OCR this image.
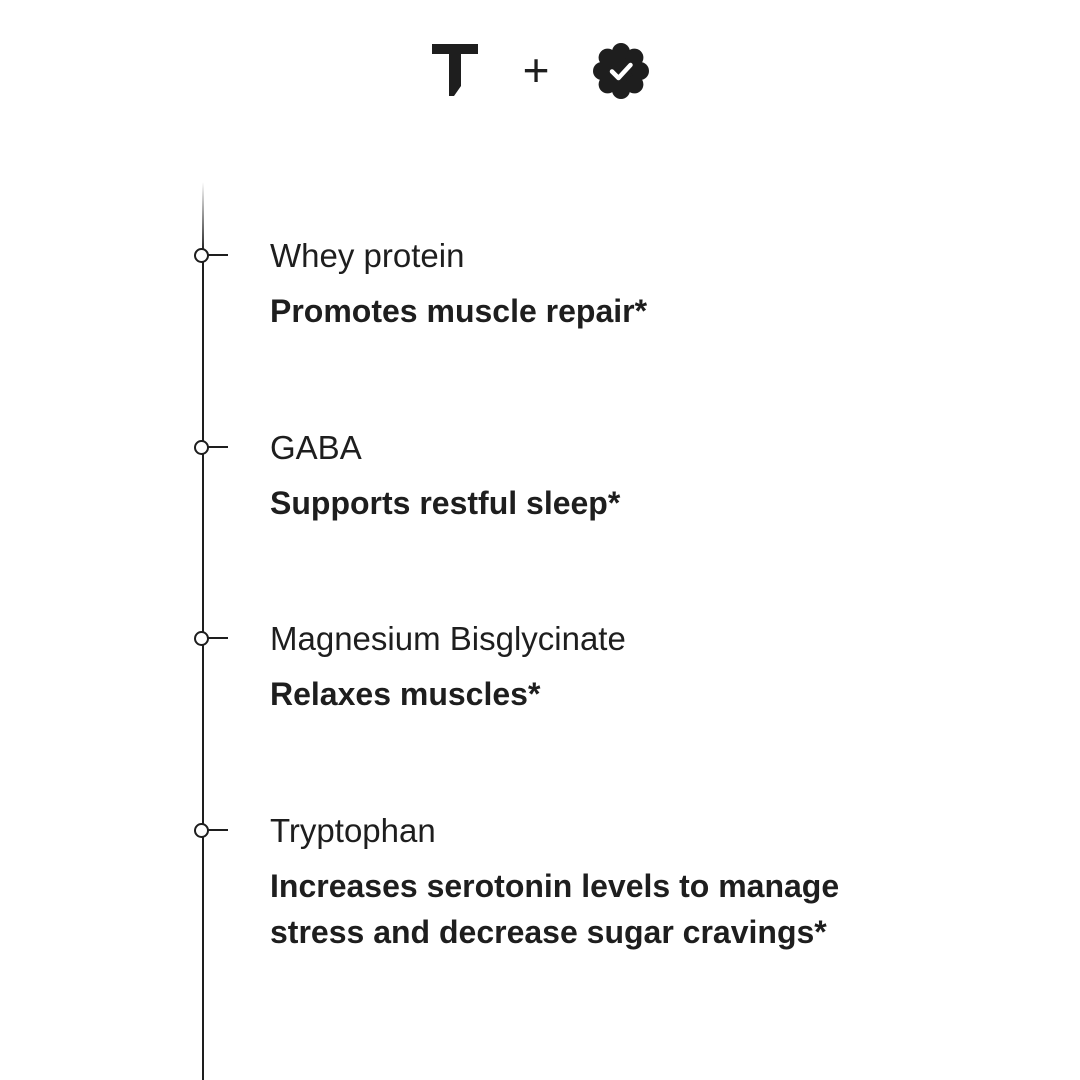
+
Whey protein
Promotes muscle repair*
GABA
Supports restful sleep*
Magnesium Bisglycinate
Relaxes muscles*
Tryptophan
Increases serotonin levels to manage stress and decrease sugar cravings*
